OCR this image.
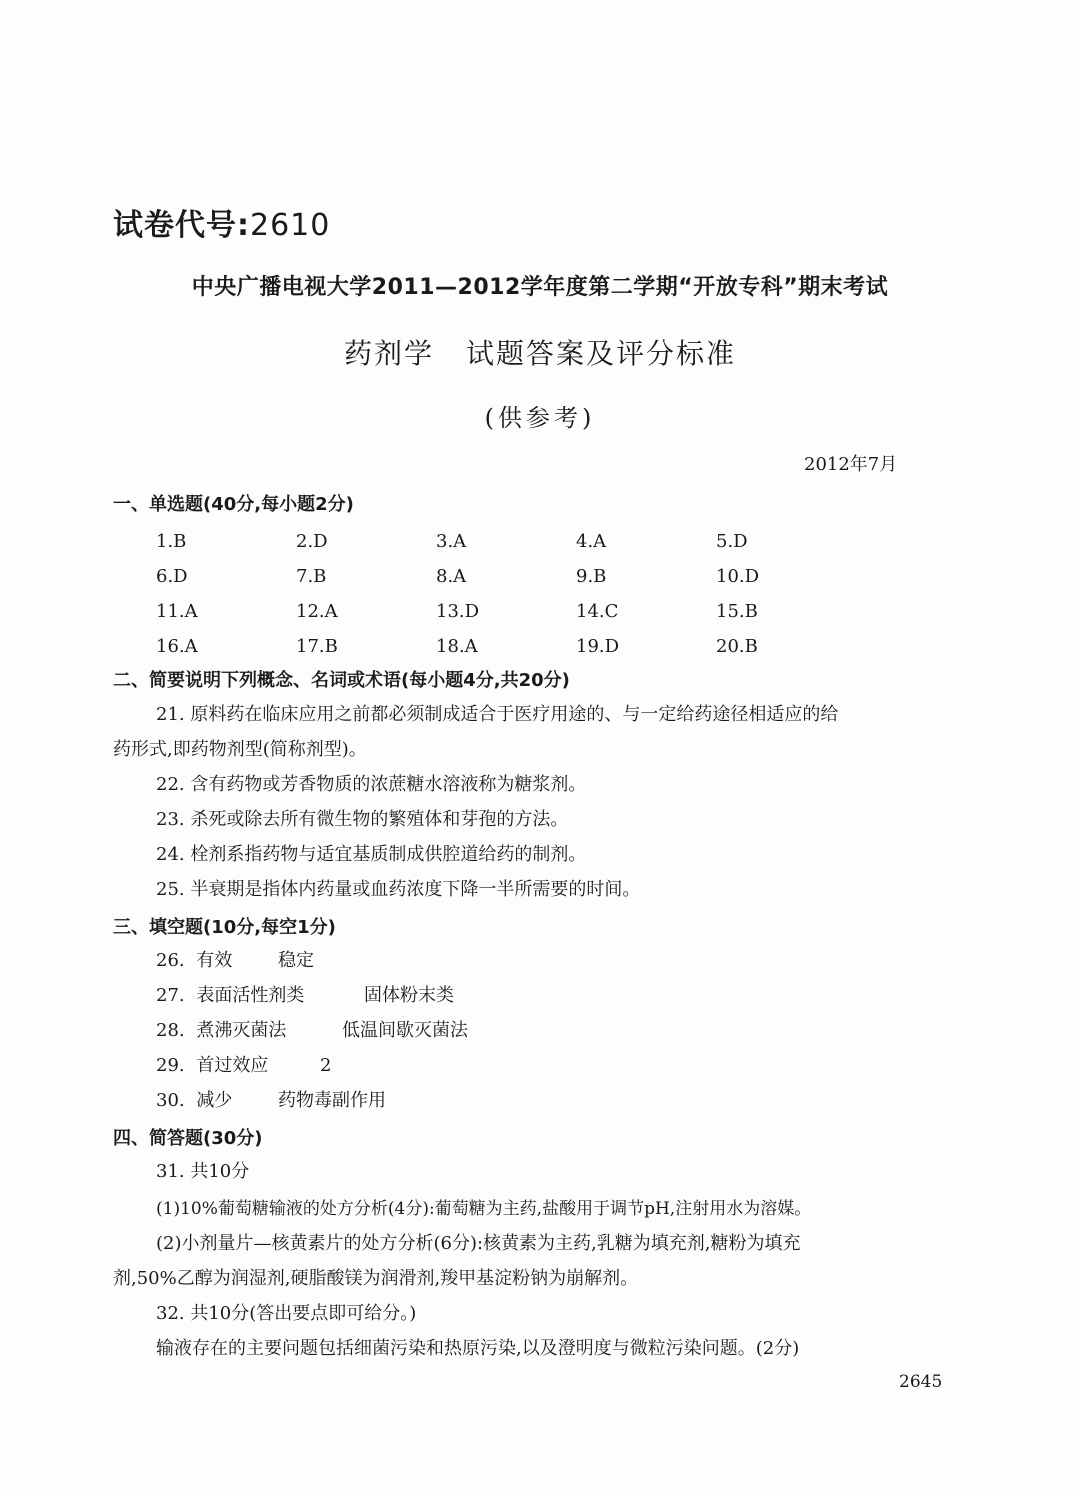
试卷代号:2610
中央广播电视大学2011—2012学年度第二学期“开放专科”期末考试
药剂学 试题答案及评分标准
(供参考)
2012年7月
一、单选题(40分,每小题2分)
1.B	2.D	3.A	4.A	5.D
6.D	7.B	8.A	9.B	10.D
11.A	12.A	13.D	14.C	15.B
16.A	17.B	18.A	19.D	20.B
二、简要说明下列概念、名词或术语(每小题4分,共20分)
21. 原料药在临床应用之前都必须制成适合于医疗用途的、与一定给药途径相适应的给
药形式,即药物剂型(简称剂型)。
22. 含有药物或芳香物质的浓蔗糖水溶液称为糖浆剂。
23. 杀死或除去所有微生物的繁殖体和芽孢的方法。
24. 栓剂系指药物与适宜基质制成供腔道给药的制剂。
25. 半衰期是指体内药量或血药浓度下降一半所需要的时间。
三、填空题(10分,每空1分)
26. 有效	稳定
27. 表面活性剂类	固体粉末类
28. 煮沸灭菌法	低温间歇灭菌法
29. 首过效应	2
30. 减少	药物毒副作用
四、简答题(30分)
31. 共10分
(1)10%葡萄糖输液的处方分析(4分):葡萄糖为主药,盐酸用于调节pH,注射用水为溶媒。
(2)小剂量片—核黄素片的处方分析(6分):核黄素为主药,乳糖为填充剂,糖粉为填充
剂,50%乙醇为润湿剂,硬脂酸镁为润滑剂,羧甲基淀粉钠为崩解剂。
32. 共10分(答出要点即可给分。)
输液存在的主要问题包括细菌污染和热原污染,以及澄明度与微粒污染问题。(2分)
2645
